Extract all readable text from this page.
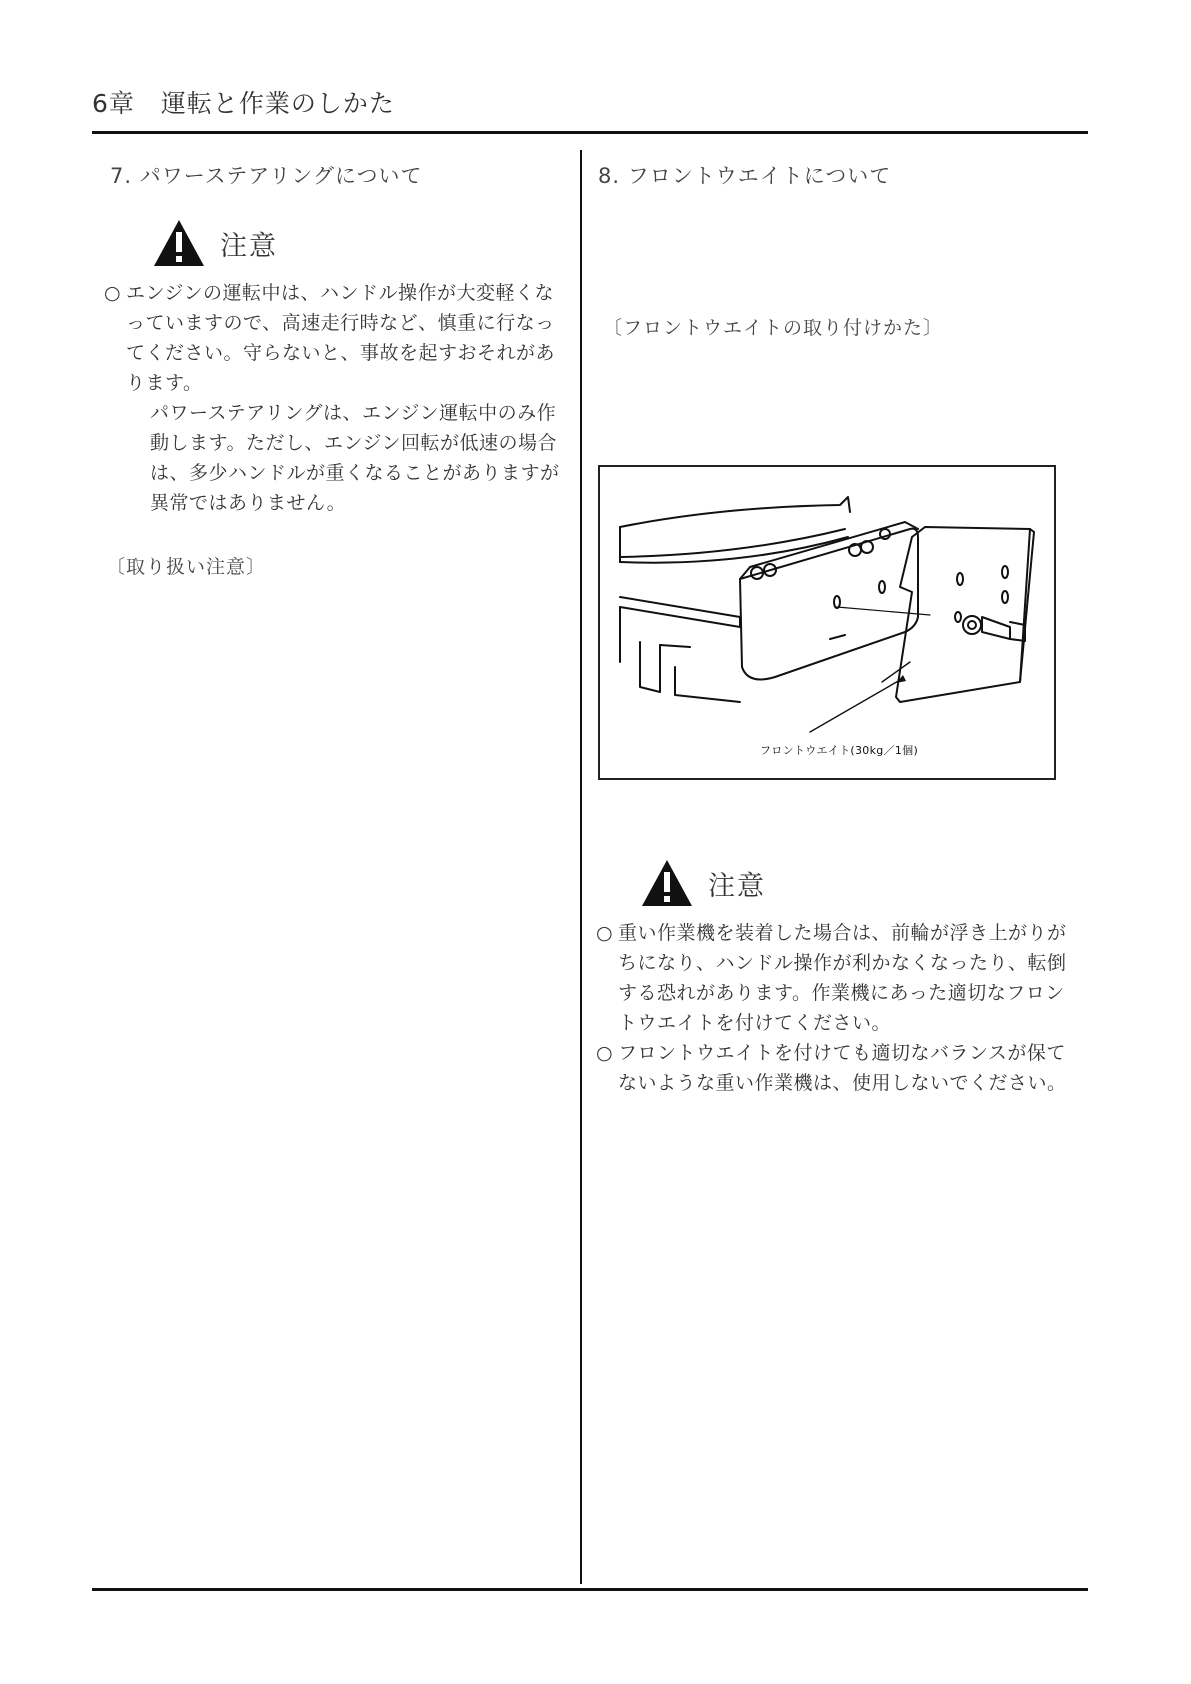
6章　運転と作業のしかた
7. パワーステアリングについて
注意
○ エンジンの運転中は、ハンドル操作が大変軽くなっていますので、高速走行時など、慎重に行なってください。守らないと、事故を起すおそれがあります。
パワーステアリングは、エンジン運転中のみ作動します。ただし、エンジン回転が低速の場合は、多少ハンドルが重くなることがありますが異常ではありません。
〔取り扱い注意〕
8. フロントウエイトについて
〔フロントウエイトの取り付けかた〕
フロントウエイト(30kg／1個)
注意
○ 重い作業機を装着した場合は、前輪が浮き上がりがちになり、ハンドル操作が利かなくなったり、転倒する恐れがあります。作業機にあった適切なフロントウエイトを付けてください。
○ フロントウエイトを付けても適切なバランスが保てないような重い作業機は、使用しないでください。
